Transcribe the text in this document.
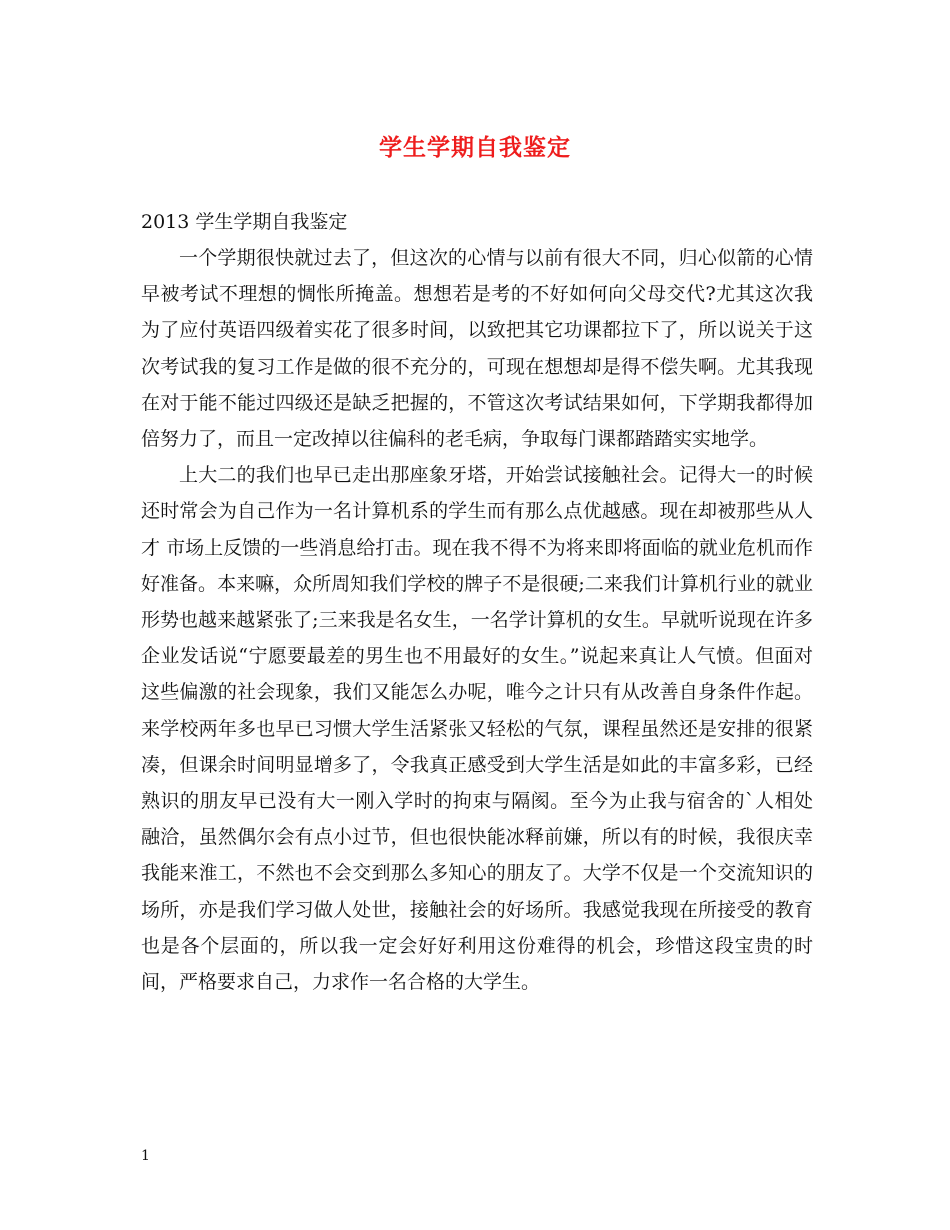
学生学期自我鉴定
2013 学生学期自我鉴定

一个学期很快就过去了，但这次的心情与以前有很大不同，归心似箭的心情早被考试不理想的惆怅所掩盖。想想若是考的不好如何向父母交代?尤其这次我为了应付英语四级着实花了很多时间，以致把其它功课都拉下了，所以说关于这次考试我的复习工作是做的很不充分的，可现在想想却是得不偿失啊。尤其我现在对于能不能过四级还是缺乏把握的，不管这次考试结果如何，下学期我都得加倍努力了，而且一定改掉以往偏科的老毛病，争取每门课都踏踏实实地学。

上大二的我们也早已走出那座象牙塔，开始尝试接触社会。记得大一的时候还时常会为自己作为一名计算机系的学生而有那么点优越感。现在却被那些从人才 市场上反馈的一些消息给打击。现在我不得不为将来即将面临的就业危机而作好准备。本来嘛，众所周知我们学校的牌子不是很硬;二来我们计算机行业的就业形势也越来越紧张了;三来我是名女生，一名学计算机的女生。早就听说现在许多企业发话说“宁愿要最差的男生也不用最好的女生。”说起来真让人气愤。但面对这些偏激的社会现象，我们又能怎么办呢，唯今之计只有从改善自身条件作起。来学校两年多也早已习惯大学生活紧张又轻松的气氛，课程虽然还是安排的很紧凑，但课余时间明显增多了，令我真正感受到大学生活是如此的丰富多彩，已经熟识的朋友早已没有大一刚入学时的拘束与隔阂。至今为止我与宿舍的`人相处融洽，虽然偶尔会有点小过节，但也很快能冰释前嫌，所以有的时候，我很庆幸我能来淮工，不然也不会交到那么多知心的朋友了。大学不仅是一个交流知识的场所，亦是我们学习做人处世，接触社会的好场所。我感觉我现在所接受的教育也是各个层面的，所以我一定会好好利用这份难得的机会，珍惜这段宝贵的时间，严格要求自己，力求作一名合格的大学生。

1
